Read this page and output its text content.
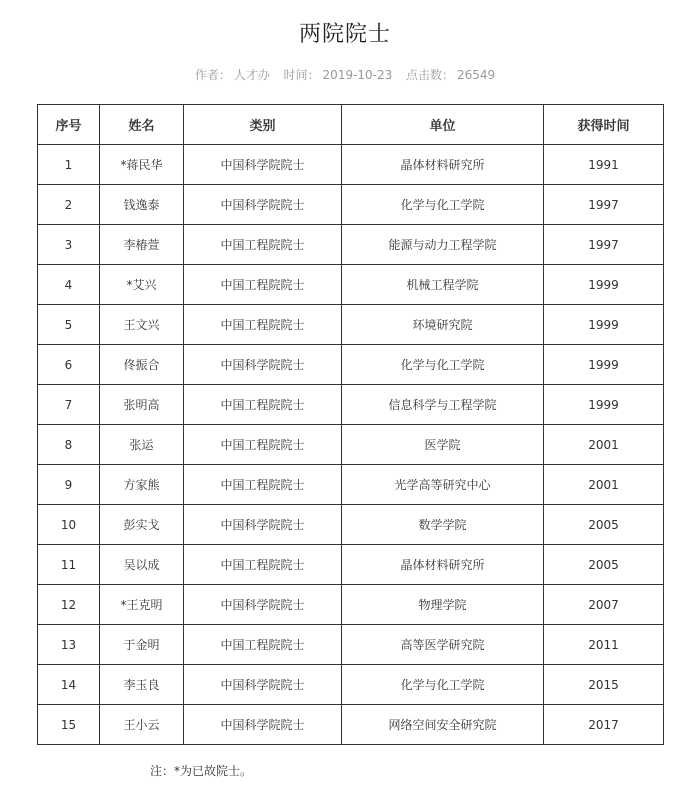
两院院士
作者： 人才办 时间： 2019-10-23 点击数： 26549
序号	姓名	类别	单位	获得时间
1	*蒋民华	中国科学院院士	晶体材料研究所	1991
2	钱逸泰	中国科学院院士	化学与化工学院	1997
3	李椿萱	中国工程院院士	能源与动力工程学院	1997
4	*艾兴	中国工程院院士	机械工程学院	1999
5	王文兴	中国工程院院士	环境研究院	1999
6	佟振合	中国科学院院士	化学与化工学院	1999
7	张明高	中国工程院院士	信息科学与工程学院	1999
8	张运	中国工程院院士	医学院	2001
9	方家熊	中国工程院院士	光学高等研究中心	2001
10	彭实戈	中国科学院院士	数学学院	2005
11	吴以成	中国工程院院士	晶体材料研究所	2005
12	*王克明	中国科学院院士	物理学院	2007
13	于金明	中国工程院院士	高等医学研究院	2011
14	李玉良	中国科学院院士	化学与化工学院	2015
15	王小云	中国科学院院士	网络空间安全研究院	2017
注：*为已故院士。
